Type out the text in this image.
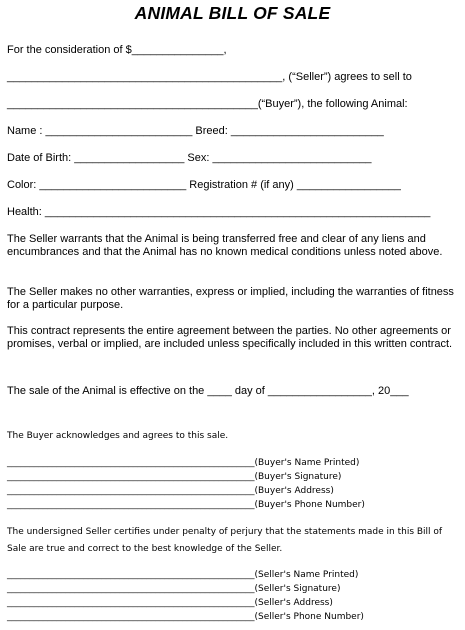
ANIMAL BILL OF SALE
For the consideration of $_______________,
_____________________________________________, (“Seller”) agrees to sell to
_________________________________________(“Buyer”), the following Animal:
Name : ________________________ Breed: _________________________
Date of Birth: __________________ Sex: __________________________
Color: ________________________ Registration # (if any) _________________
Health: _______________________________________________________________

The Seller warrants that the Animal is being transferred free and clear of any liens and encumbrances and that the Animal has no known medical conditions unless noted above.

The Seller makes no other warranties, express or implied, including the warranties of fitness for a particular purpose.

This contract represents the entire agreement between the parties. No other agreements or promises, verbal or implied, are included unless specifically included in this written contract.

The sale of the Animal is effective on the ____ day of _________________, 20___
The Buyer acknowledges and agrees to this sale.
_______________________________________________________(Buyer's Name Printed)
_______________________________________________________(Buyer's Signature)
_______________________________________________________(Buyer's Address)
_______________________________________________________(Buyer's Phone Number)

The undersigned Seller certifies under penalty of perjury that the statements made in this Bill of Sale are true and correct to the best knowledge of the Seller.

_______________________________________________________(Seller's Name Printed)
_______________________________________________________(Seller's Signature)
_______________________________________________________(Seller's Address)
_______________________________________________________(Seller's Phone Number)
